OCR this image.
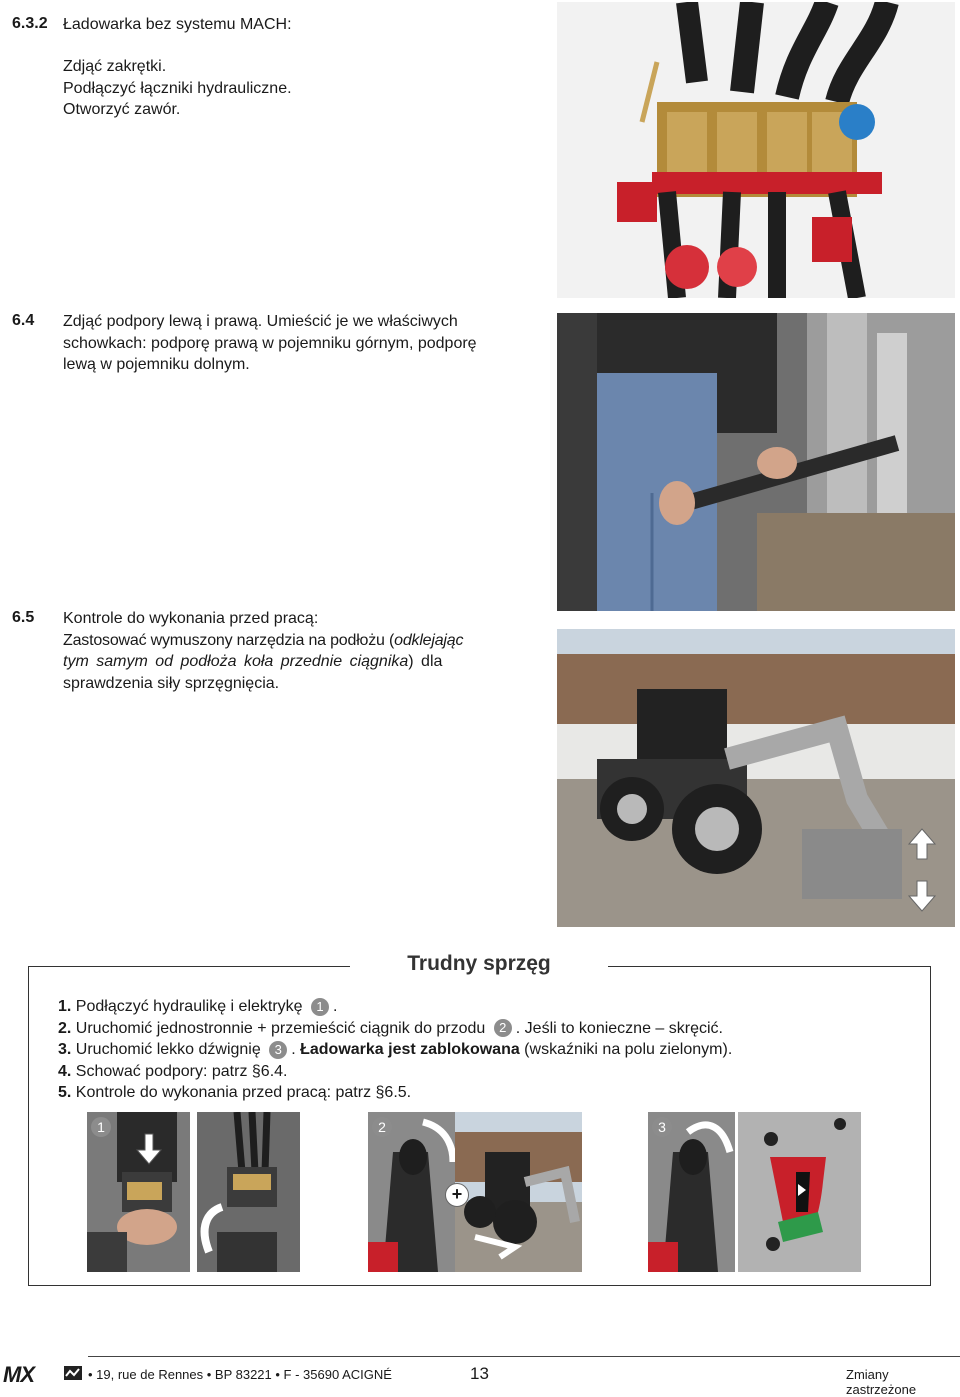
6.3.2 Ładowarka bez systemu MACH:
Zdjąć zakrętki.
Podłączyć łączniki hydrauliczne.
Otworzyć zawór.
6.4 Zdjąć podpory lewą i prawą. Umieścić je we właściwych
schowkach: podporę prawą w pojemniku górnym, podporę
lewą w pojemniku dolnym.
6.5 Kontrole do wykonania przed pracą:
Zastosować wymuszony narzędzia na podłożu (odklejając
tym samym od podłoża koła przednie ciągnika) dla
sprawdzenia siły sprzęgnięcia.
Trudny sprzęg
1. Podłączyć hydraulikę i elektrykę 1 .
2. Uruchomić jednostronnie + przemieścić ciągnik do przodu 2 . Jeśli to konieczne – skręcić.
3. Uruchomić lekko dźwignię 3 . Ładowarka jest zablokowana (wskaźniki na polu zielonym).
4. Schować podpory: patrz §6.4.
5. Kontrole do wykonania przed pracą: patrz §6.5.
+
1	2	3
MX	• 19, rue de Rennes • BP 83221 • F - 35690 ACIGNÉ	13	Zmiany zastrzeżone
